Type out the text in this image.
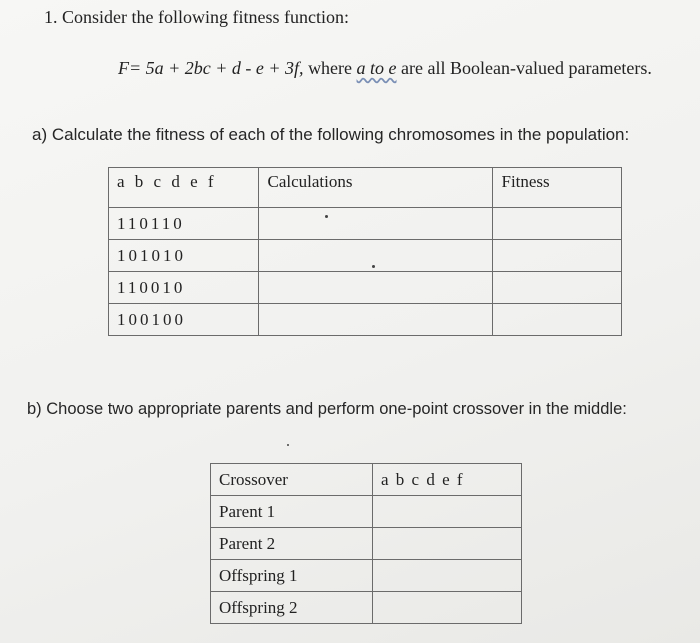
1. Consider the following fitness function:
F= 5a + 2bc + d - e + 3f, where a to e are all Boolean-valued parameters.
a) Calculate the fitness of each of the following chromosomes in the population:
a b c d e f	Calculations	Fitness
110110		
101010		
110010		
100100		
b) Choose two appropriate parents and perform one-point crossover in the middle:
Crossover	a b c d e f
Parent 1	
Parent 2	
Offspring 1	
Offspring 2	
